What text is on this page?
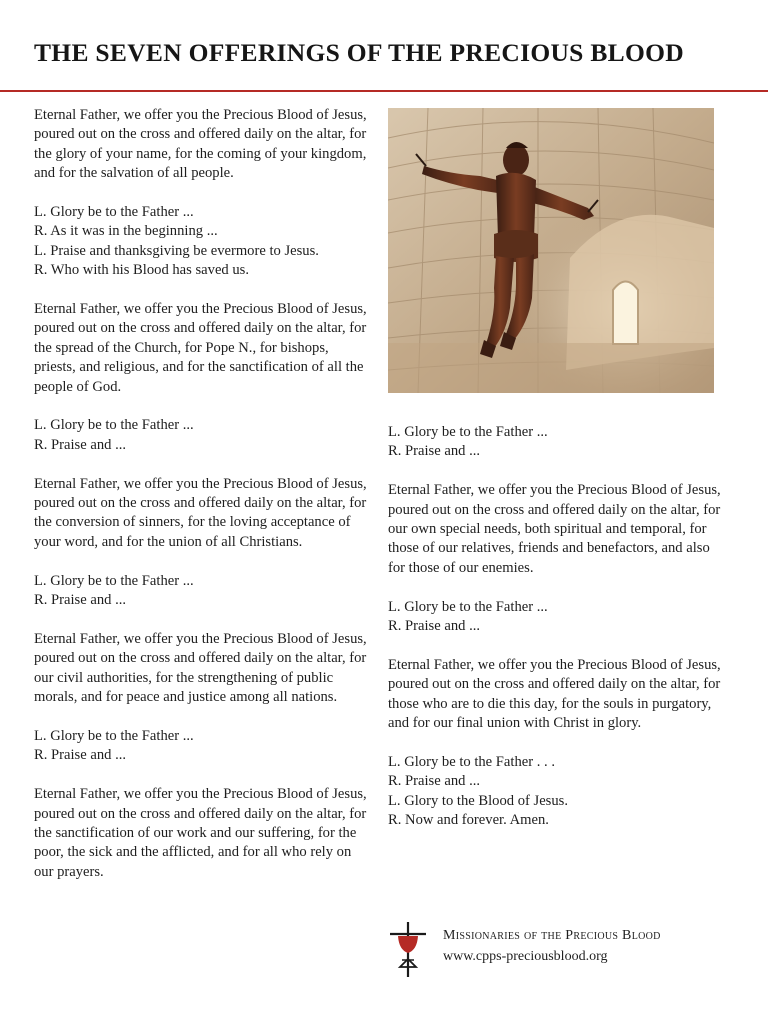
THE SEVEN OFFERINGS OF THE PRECIOUS BLOOD

Eternal Father, we offer you the Precious Blood of Jesus, poured out on the cross and offered daily on the altar, for the glory of your name, for the coming of your kingdom, and for the salvation of all people.

L. Glory be to the Father ...

R. As it was in the beginning ...

L. Praise and thanksgiving be evermore to Jesus.

R. Who with his Blood has saved us.

Eternal Father, we offer you the Precious Blood of Jesus, poured out on the cross and offered daily on the altar, for the spread of the Church, for Pope N., for bishops, priests, and religious, and for the sanctification of all the people of God.

L. Glory be to the Father ...

R. Praise and ...

Eternal Father, we offer you the Precious Blood of Jesus, poured out on the cross and offered daily on the altar, for the conversion of sinners, for the loving acceptance of your word, and for the union of all Christians.

L. Glory be to the Father ...

R. Praise and ...

Eternal Father, we offer you the Precious Blood of Jesus, poured out on the cross and offered daily on the altar, for our civil authorities, for the strengthening of public morals, and for peace and justice among all nations.

L. Glory be to the Father ...

R. Praise and ...

Eternal Father, we offer you the Precious Blood of Jesus, poured out on the cross and offered daily on the altar, for the sanctification of our work and our suffering, for the poor, the sick and the afflicted, and for all who rely on our prayers.

L. Glory be to the Father ...

R. Praise and ...

Eternal Father, we offer you the Precious Blood of Jesus, poured out on the cross and offered daily on the altar, for our own special needs, both spiritual and temporal, for those of our relatives, friends and benefactors, and also for those of our enemies.

L. Glory be to the Father ...

R. Praise and ...

Eternal Father, we offer you the Precious Blood of Jesus, poured out on the cross and offered daily on the altar, for those who are to die this day, for the souls in purgatory, and for our final union with Christ in glory.

L. Glory be to the Father . . .

R. Praise and ...

L. Glory to the Blood of Jesus.

R. Now and forever. Amen.

Missionaries of the Precious Blood
www.cpps-preciousblood.org
